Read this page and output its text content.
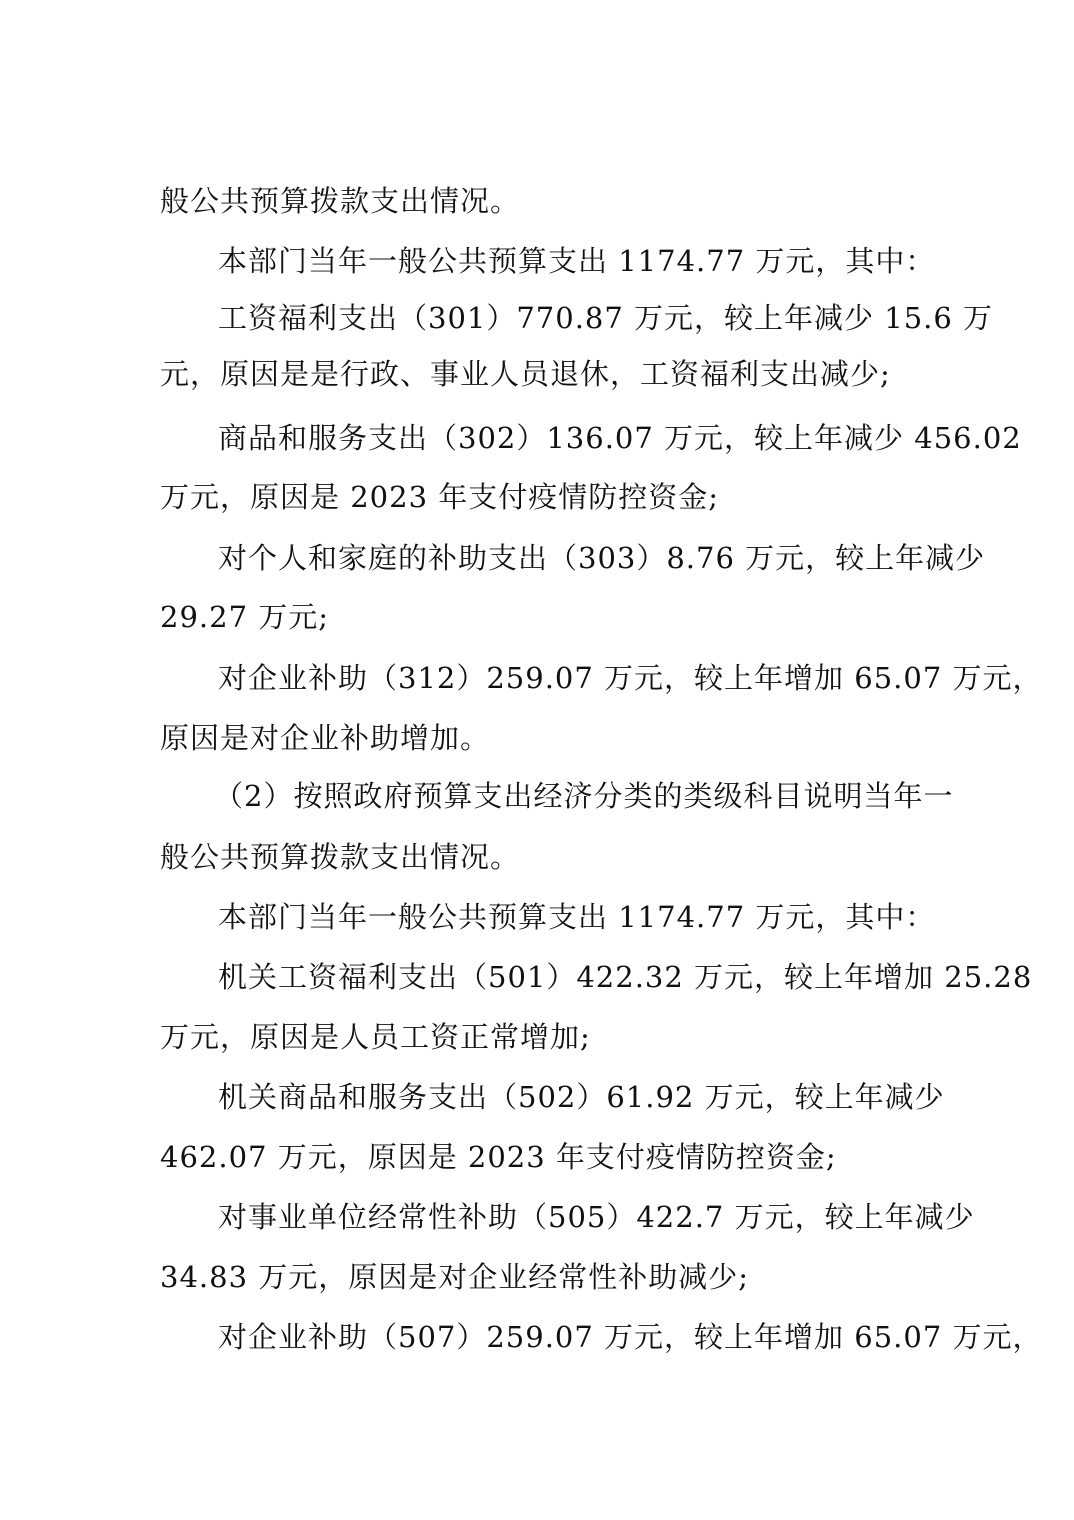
般公共预算拨款支出情况。
本部门当年一般公共预算支出 1174.77 万元，其中：
工资福利支出（301）770.87 万元，较上年减少 15.6 万
元，原因是是行政、事业人员退休，工资福利支出减少;
商品和服务支出（302）136.07 万元，较上年减少 456.02
万元，原因是 2023 年支付疫情防控资金;
对个人和家庭的补助支出（303）8.76 万元，较上年减少
29.27 万元;
对企业补助（312）259.07 万元，较上年增加 65.07 万元，
原因是对企业补助增加。
（2）按照政府预算支出经济分类的类级科目说明当年一
般公共预算拨款支出情况。
本部门当年一般公共预算支出 1174.77 万元，其中：
机关工资福利支出（501）422.32 万元，较上年增加 25.28
万元，原因是人员工资正常增加;
机关商品和服务支出（502）61.92 万元，较上年减少
462.07 万元，原因是 2023 年支付疫情防控资金;
对事业单位经常性补助（505）422.7 万元，较上年减少
34.83 万元，原因是对企业经常性补助减少;
对企业补助（507）259.07 万元，较上年增加 65.07 万元，
